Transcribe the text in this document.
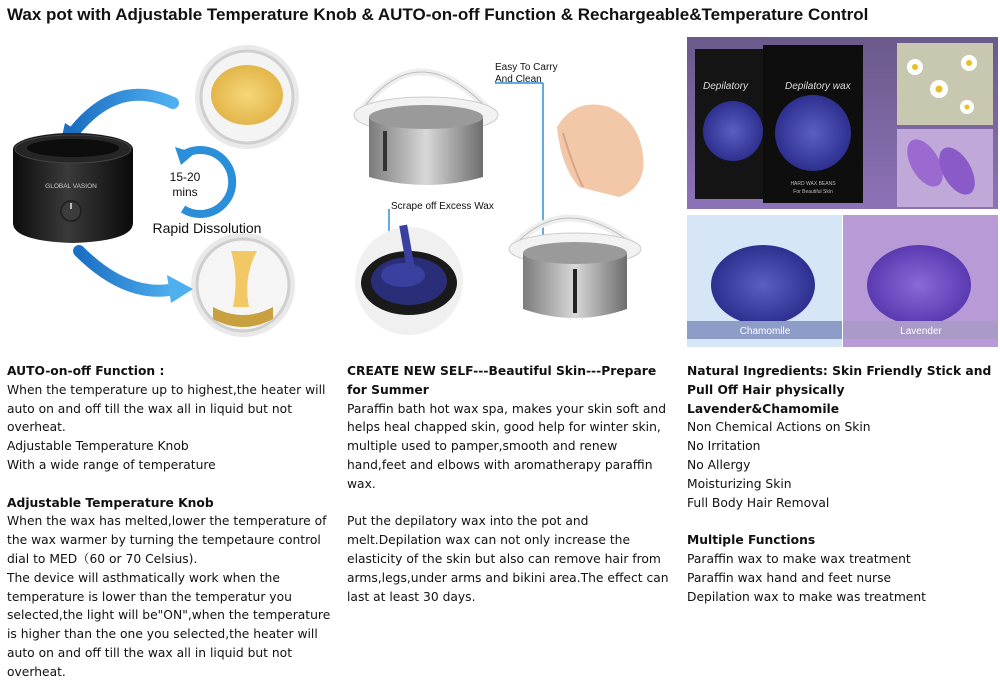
Wax pot with Adjustable Temperature Knob & AUTO-on-off Function & Rechargeable&Temperature Control
GLOBAL VASION
15-20
mins
Rapid Dissolution
Easy To Carry
And Clean
Scrape off Excess Wax
Depilatory	Depilatory wax
HARD WAX BEANS
For Beautiful Skin
Chamomile	Lavender

AUTO-on-off Function :

When the temperature up to highest,the heater will auto on and off till the wax all in liquid but not overheat.

Adjustable Temperature Knob

With a wide range of temperature

Adjustable Temperature Knob

When the wax has melted,lower the temperature of the wax warmer by turning the tempetaure control dial to MED（60 or 70 Celsius).

The device will asthmatically work when the temperature is lower than the temperatur you selected,the light will be"ON",when the temperature is higher than the one you selected,the heater will auto on and off till the wax all in liquid but not overheat.

CREATE NEW SELF---Beautiful Skin---Prepare for Summer

Paraffin bath hot wax spa, makes your skin soft and helps heal chapped skin, good help for winter skin, multiple used to pamper,smooth and renew hand,feet and elbows with aromatherapy paraffin wax.

Put the depilatory wax into the pot and melt.Depilation wax can not only increase the elasticity of the skin but also can remove hair from arms,legs,under arms and bikini area.The effect can last at least 30 days.

Natural Ingredients: Skin Friendly Stick and Pull Off Hair physically

Lavender&Chamomile

Non Chemical Actions on Skin

No Irritation

No Allergy

Moisturizing Skin

Full Body Hair Removal

Multiple Functions

Paraffin wax to make wax treatment

Paraffin wax hand and feet nurse

Depilation wax to make was treatment
